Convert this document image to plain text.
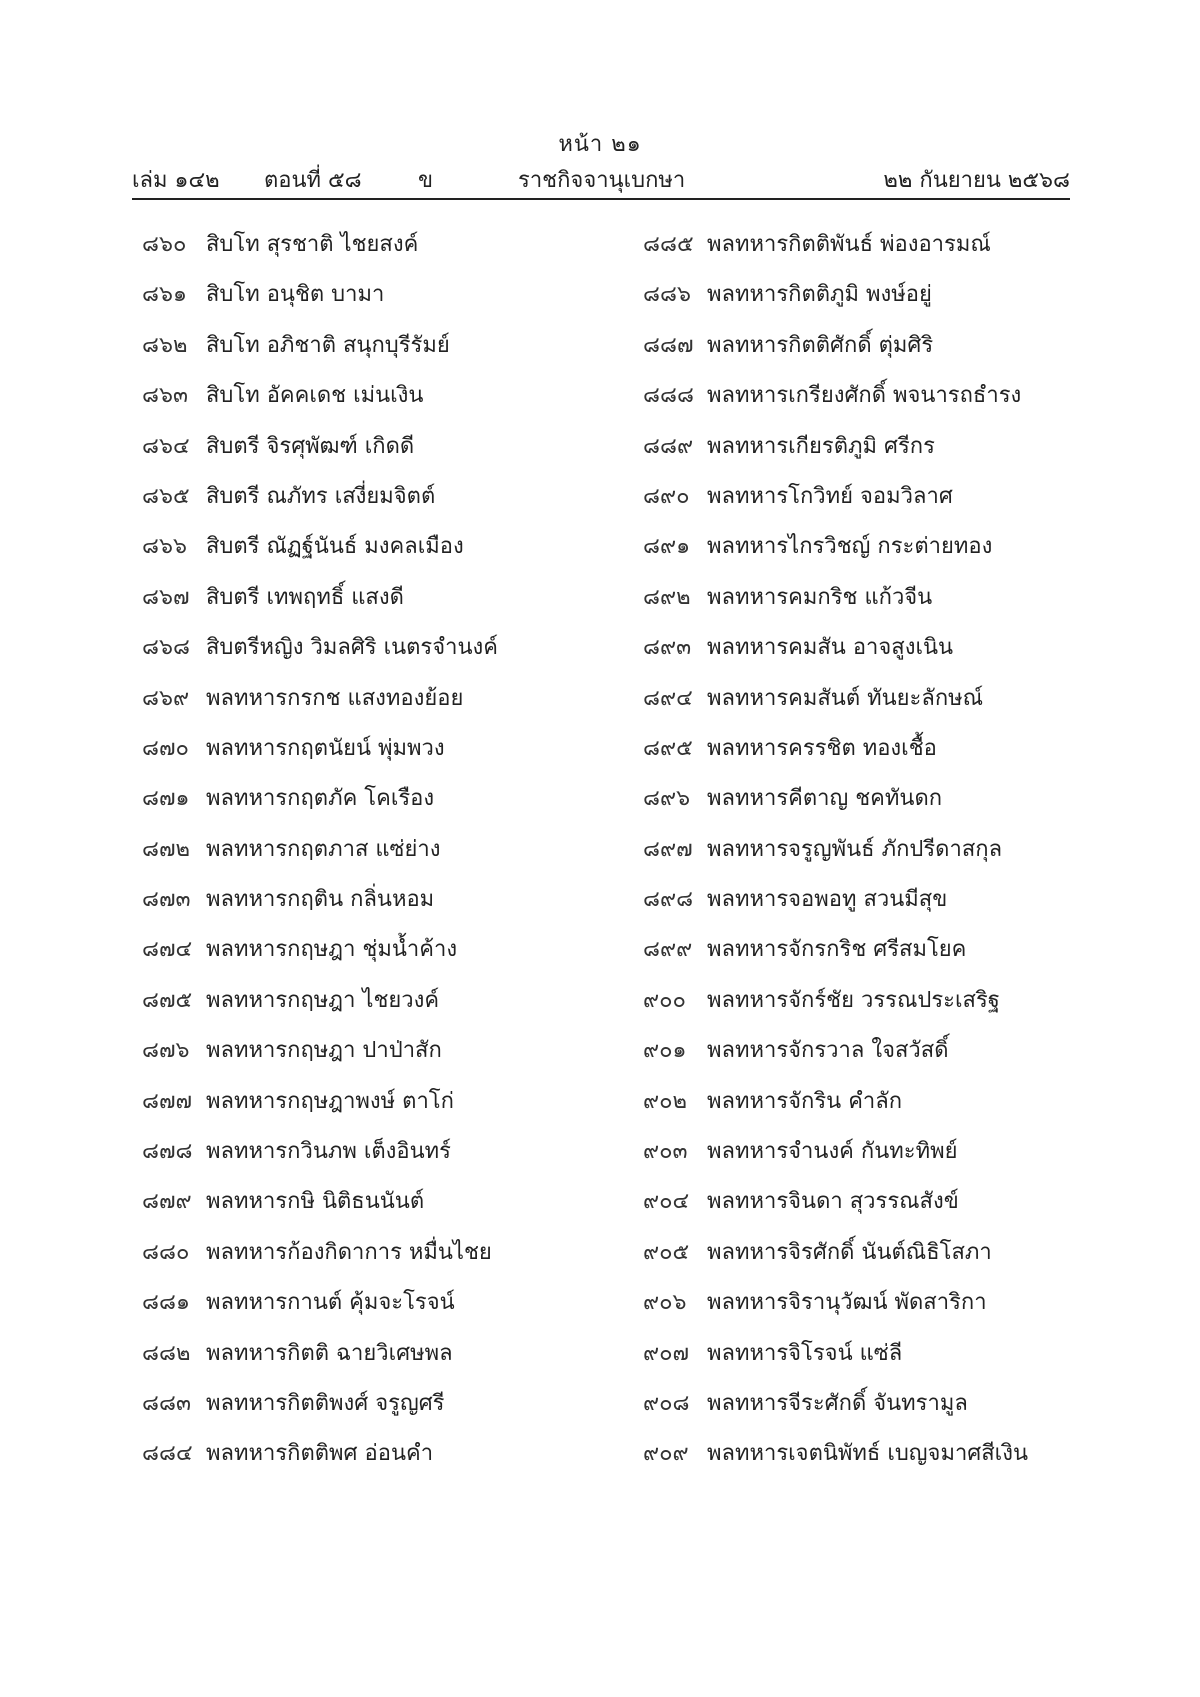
หน้า ๒๑
เล่ม ๑๔๒ ตอนที่ ๕๘	ข	ราชกิจจานุเบกษา	๒๒ กันยายน ๒๕๖๘
๘๖๐ สิบโท สุรชาติ ไชยสงค์
๘๖๑ สิบโท อนุชิต บามา
๘๖๒ สิบโท อภิชาติ สนุกบุรีรัมย์
๘๖๓ สิบโท อัคคเดช เม่นเงิน
๘๖๔ สิบตรี จิรศุพัฒฑ์ เกิดดี
๘๖๕ สิบตรี ณภัทร เสงี่ยมจิตต์
๘๖๖ สิบตรี ณัฏฐ์นันธ์ มงคลเมือง
๘๖๗ สิบตรี เทพฤทธิ์ แสงดี
๘๖๘ สิบตรีหญิง วิมลศิริ เนตรจำนงค์
๘๖๙ พลทหารกรกช แสงทองย้อย
๘๗๐ พลทหารกฤตนัยน์ พุ่มพวง
๘๗๑ พลทหารกฤตภัค โคเรือง
๘๗๒ พลทหารกฤตภาส แซ่ย่าง
๘๗๓ พลทหารกฤติน กลิ่นหอม
๘๗๔ พลทหารกฤษฎา ชุ่มน้ำค้าง
๘๗๕ พลทหารกฤษฎา ไชยวงค์
๘๗๖ พลทหารกฤษฎา ปาป่าสัก
๘๗๗ พลทหารกฤษฎาพงษ์ ตาโก่
๘๗๘ พลทหารกวินภพ เต็งอินทร์
๘๗๙ พลทหารกษิ นิติธนนันต์
๘๘๐ พลทหารก้องกิดาการ หมื่นไชย
๘๘๑ พลทหารกานต์ คุ้มจะโรจน์
๘๘๒ พลทหารกิตติ ฉายวิเศษพล
๘๘๓ พลทหารกิตติพงศ์ จรูญศรี
๘๘๔ พลทหารกิตติพศ อ่อนคำ
๘๘๕ พลทหารกิตติพันธ์ พ่องอารมณ์
๘๘๖ พลทหารกิตติภูมิ พงษ์อยู่
๘๘๗ พลทหารกิตติศักดิ์ ตุ่มศิริ
๘๘๘ พลทหารเกรียงศักดิ์ พจนารถธำรง
๘๘๙ พลทหารเกียรติภูมิ ศรีกร
๘๙๐ พลทหารโกวิทย์ จอมวิลาศ
๘๙๑ พลทหารไกรวิชญ์ กระต่ายทอง
๘๙๒ พลทหารคมกริช แก้วจีน
๘๙๓ พลทหารคมสัน อาจสูงเนิน
๘๙๔ พลทหารคมสันต์ ทันยะลักษณ์
๘๙๕ พลทหารครรชิต ทองเชื้อ
๘๙๖ พลทหารคีตาญ ชคทันดก
๘๙๗ พลทหารจรูญพันธ์ ภักปรีดาสกุล
๘๙๘ พลทหารจอพอทู สวนมีสุข
๘๙๙ พลทหารจักรกริช ศรีสมโยค
๙๐๐ พลทหารจักร์ชัย วรรณประเสริฐ
๙๐๑ พลทหารจักรวาล ใจสวัสดิ์
๙๐๒ พลทหารจักริน คำลัก
๙๐๓ พลทหารจำนงค์ กันทะทิพย์
๙๐๔ พลทหารจินดา สุวรรณสังข์
๙๐๕ พลทหารจิรศักดิ์ นันต์ณิธิโสภา
๙๐๖ พลทหารจิรานุวัฒน์ พัดสาริกา
๙๐๗ พลทหารจิโรจน์ แซ่ลี
๙๐๘ พลทหารจีระศักดิ์ จันทรามูล
๙๐๙ พลทหารเจตนิพัทธ์ เบญจมาศสีเงิน
